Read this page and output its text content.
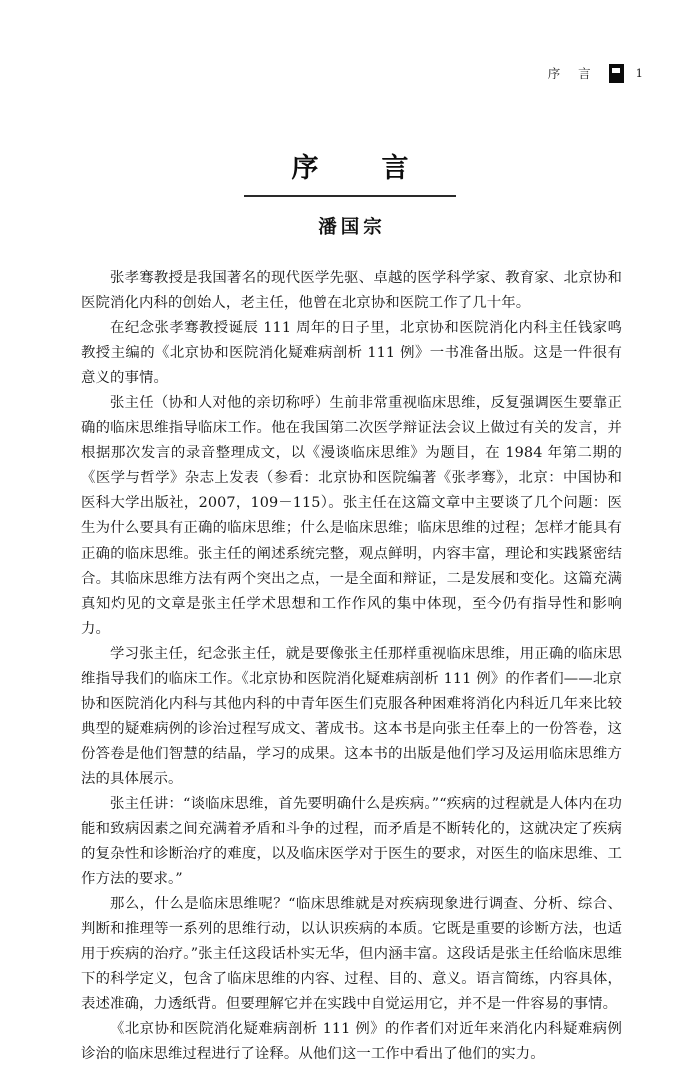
序 言	1
序　言
潘国宗

张孝骞教授是我国著名的现代医学先驱、卓越的医学科学家、教育家、北京协和医院消化内科的创始人，老主任，他曾在北京协和医院工作了几十年。

在纪念张孝骞教授诞辰 111 周年的日子里，北京协和医院消化内科主任钱家鸣教授主编的《北京协和医院消化疑难病剖析 111 例》一书准备出版。这是一件很有意义的事情。

张主任（协和人对他的亲切称呼）生前非常重视临床思维，反复强调医生要靠正确的临床思维指导临床工作。他在我国第二次医学辩证法会议上做过有关的发言，并根据那次发言的录音整理成文，以《漫谈临床思维》为题目，在 1984 年第二期的《医学与哲学》杂志上发表（参看：北京协和医院编著《张孝骞》，北京：中国协和医科大学出版社，2007，109－115）。张主任在这篇文章中主要谈了几个问题：医生为什么要具有正确的临床思维；什么是临床思维；临床思维的过程；怎样才能具有正确的临床思维。张主任的阐述系统完整，观点鲜明，内容丰富，理论和实践紧密结合。其临床思维方法有两个突出之点，一是全面和辩证，二是发展和变化。这篇充满真知灼见的文章是张主任学术思想和工作作风的集中体现，至今仍有指导性和影响力。

学习张主任，纪念张主任，就是要像张主任那样重视临床思维，用正确的临床思维指导我们的临床工作。《北京协和医院消化疑难病剖析 111 例》的作者们——北京协和医院消化内科与其他内科的中青年医生们克服各种困难将消化内科近几年来比较典型的疑难病例的诊治过程写成文、著成书。这本书是向张主任奉上的一份答卷，这份答卷是他们智慧的结晶，学习的成果。这本书的出版是他们学习及运用临床思维方法的具体展示。

张主任讲：“谈临床思维，首先要明确什么是疾病。”“疾病的过程就是人体内在功能和致病因素之间充满着矛盾和斗争的过程，而矛盾是不断转化的，这就决定了疾病的复杂性和诊断治疗的难度，以及临床医学对于医生的要求，对医生的临床思维、工作方法的要求。”

那么，什么是临床思维呢？“临床思维就是对疾病现象进行调查、分析、综合、判断和推理等一系列的思维行动，以认识疾病的本质。它既是重要的诊断方法，也适用于疾病的治疗。”张主任这段话朴实无华，但内涵丰富。这段话是张主任给临床思维下的科学定义，包含了临床思维的内容、过程、目的、意义。语言简练，内容具体，表述准确，力透纸背。但要理解它并在实践中自觉运用它，并不是一件容易的事情。

《北京协和医院消化疑难病剖析 111 例》的作者们对近年来消化内科疑难病例诊治的临床思维过程进行了诠释。从他们这一工作中看出了他们的实力。
